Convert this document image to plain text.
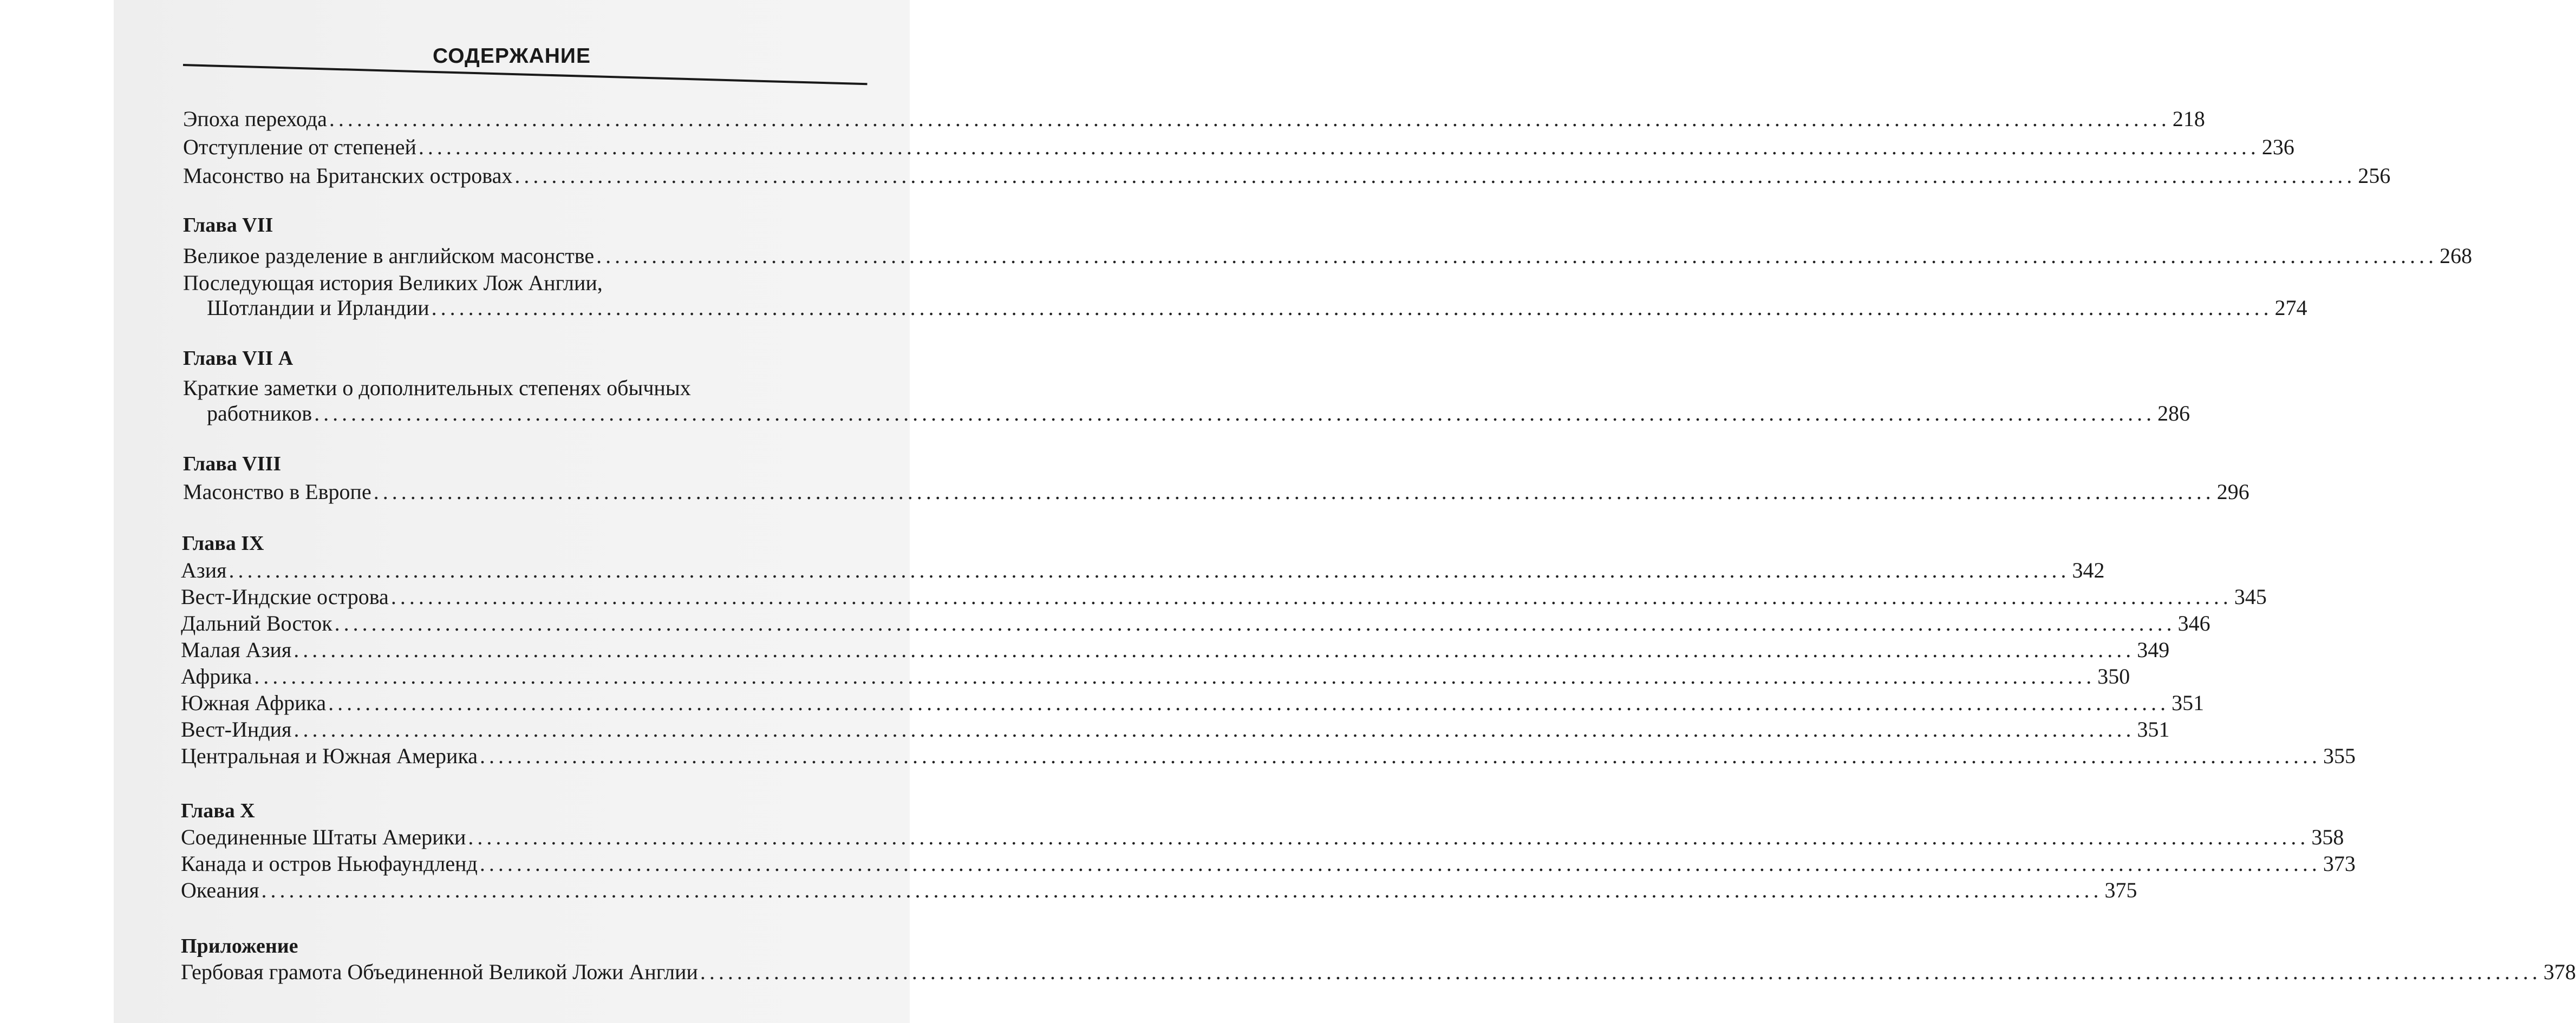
СОДЕРЖАНИЕ
Эпоха перехода ........................................................................................................................................................................................................ 218
Отступление от степеней ........................................................................................................................................................................................................ 236
Масонство на Британских островах ........................................................................................................................................................................................................ 256
Глава VII
Великое разделение в английском масонстве ........................................................................................................................................................................................................ 268
Последующая история Великих Лож Англии,
Шотландии и Ирландии ........................................................................................................................................................................................................ 274
Глава VII А
Краткие заметки о дополнительных степенях обычных
работников ........................................................................................................................................................................................................ 286
Глава VIII
Масонство в Европе ........................................................................................................................................................................................................ 296
Глава IX
Азия ........................................................................................................................................................................................................ 342
Вест-Индские острова ........................................................................................................................................................................................................ 345
Дальний Восток ........................................................................................................................................................................................................ 346
Малая Азия ........................................................................................................................................................................................................ 349
Африка ........................................................................................................................................................................................................ 350
Южная Африка ........................................................................................................................................................................................................ 351
Вест-Индия ........................................................................................................................................................................................................ 351
Центральная и Южная Америка ........................................................................................................................................................................................................ 355
Глава X
Соединенные Штаты Америки ........................................................................................................................................................................................................ 358
Канада и остров Ньюфаундленд ........................................................................................................................................................................................................ 373
Океания ........................................................................................................................................................................................................ 375
Приложение
Гербовая грамота Объединенной Великой Ложи Англии ........................................................................................................................................................................................................ 378
